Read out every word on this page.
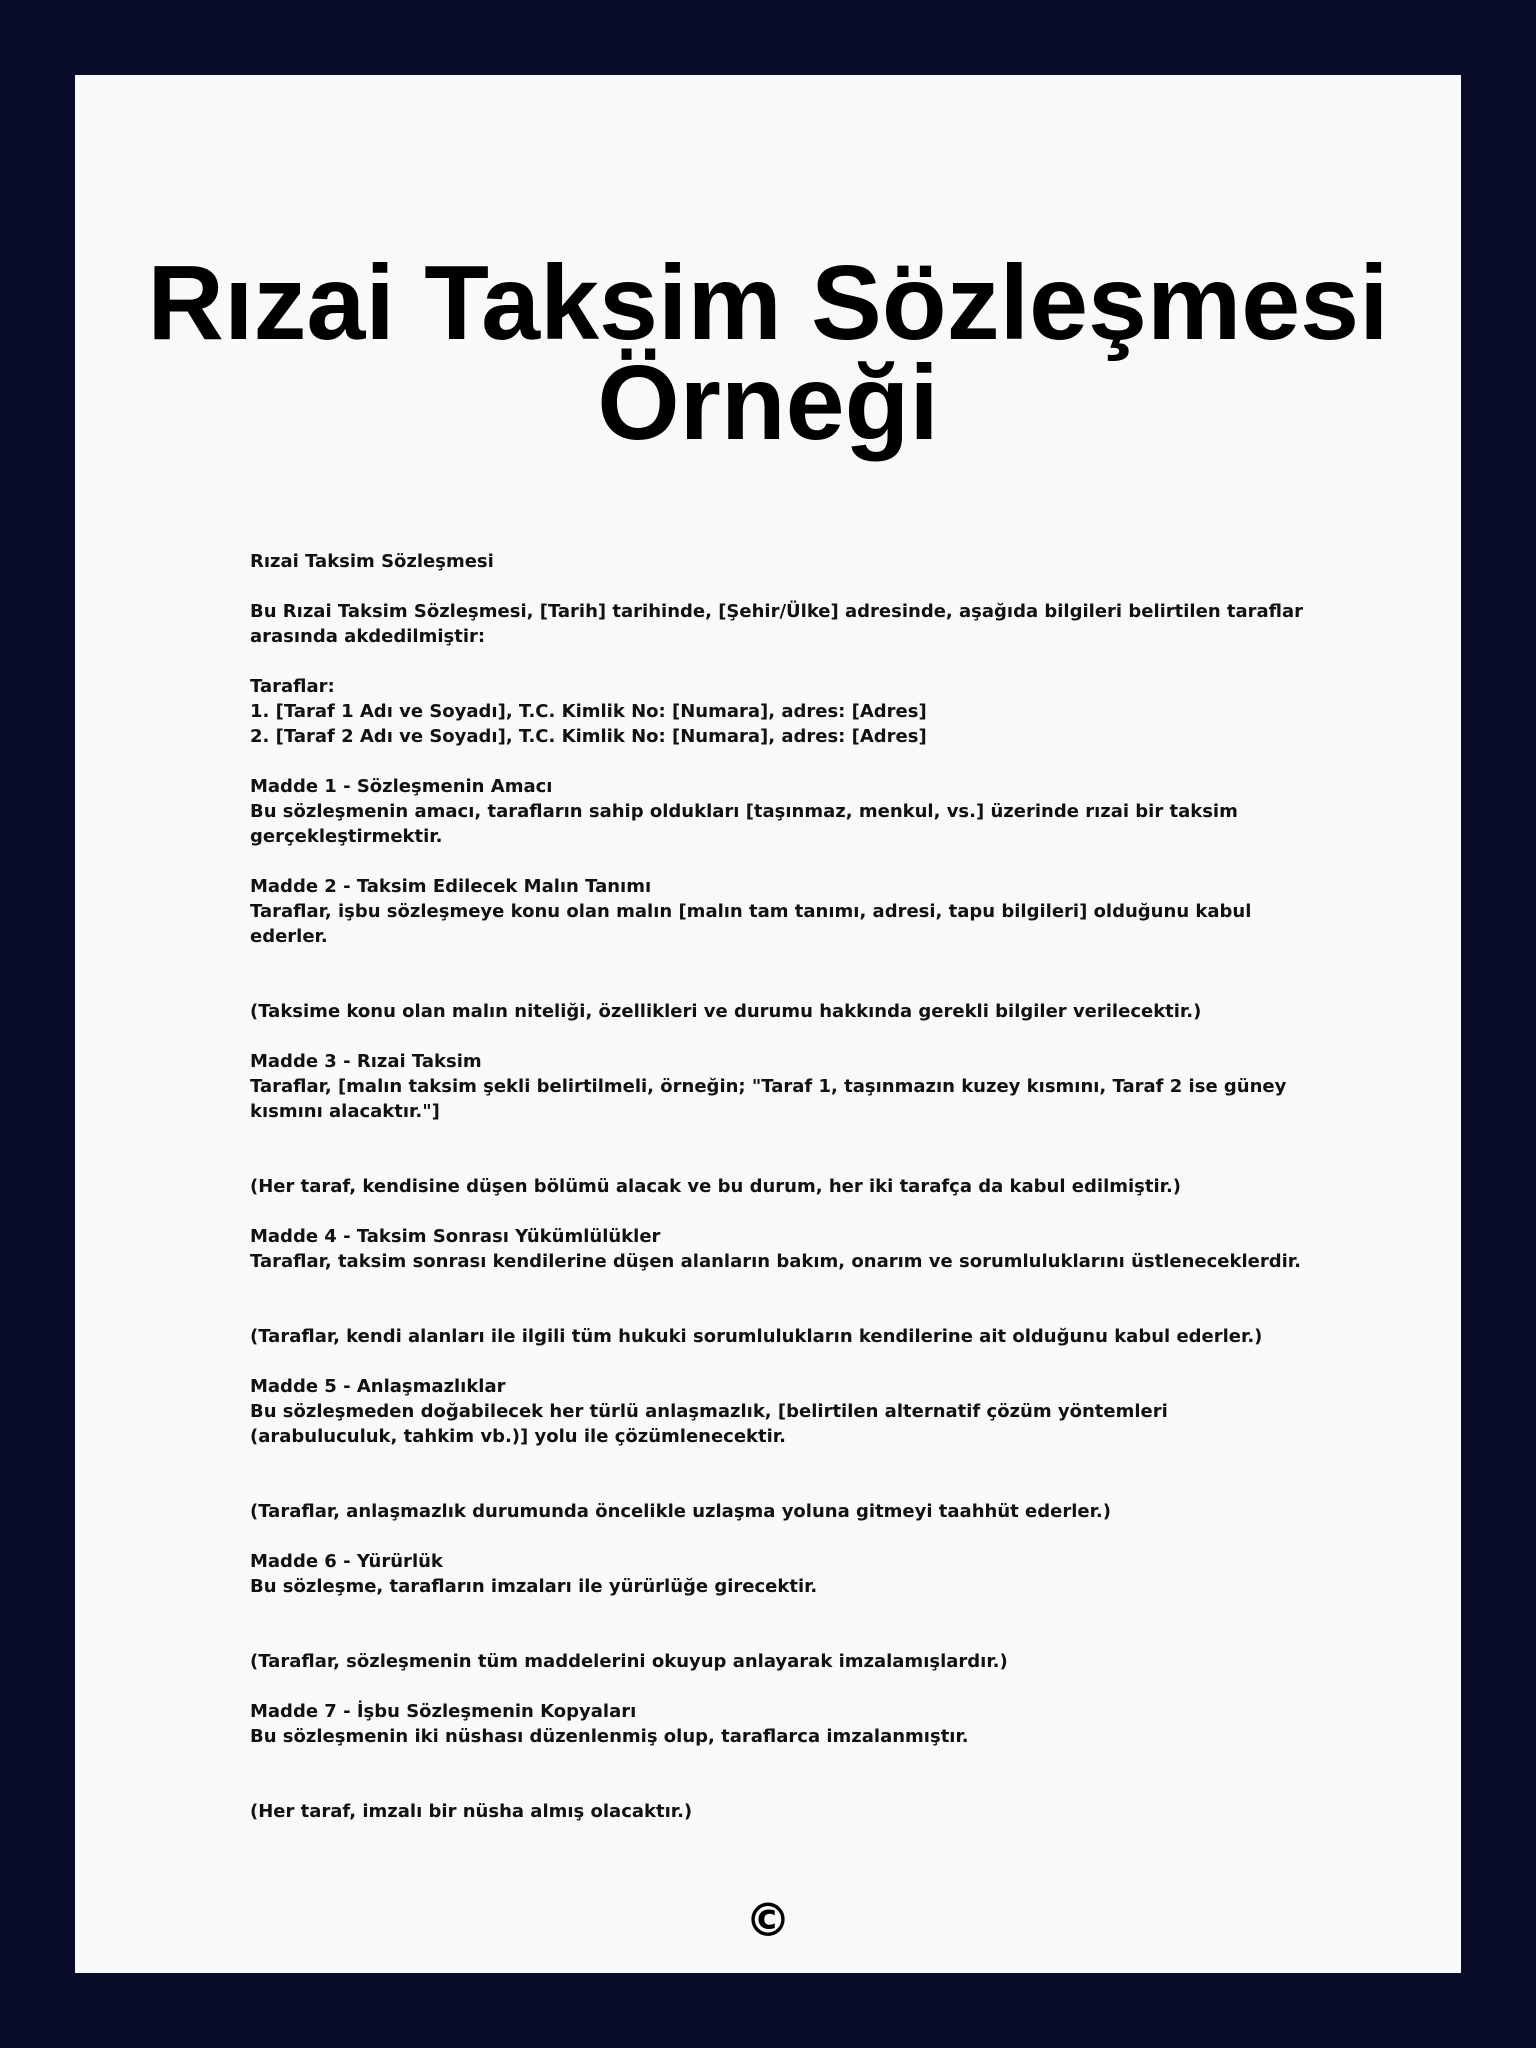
Rızai Taksim Sözleşmesi Örneği
Rızai Taksim Sözleşmesi
Bu Rızai Taksim Sözleşmesi, [Tarih] tarihinde, [Şehir/Ülke] adresinde, aşağıda bilgileri belirtilen taraflar arasında akdedilmiştir:
Taraflar:
1. [Taraf 1 Adı ve Soyadı], T.C. Kimlik No: [Numara], adres: [Adres]
2. [Taraf 2 Adı ve Soyadı], T.C. Kimlik No: [Numara], adres: [Adres]
Madde 1 - Sözleşmenin Amacı
Bu sözleşmenin amacı, tarafların sahip oldukları [taşınmaz, menkul, vs.] üzerinde rızai bir taksim gerçekleştirmektir.
Madde 2 - Taksim Edilecek Malın Tanımı
Taraflar, işbu sözleşmeye konu olan malın [malın tam tanımı, adresi, tapu bilgileri] olduğunu kabul ederler.
(Taksime konu olan malın niteliği, özellikleri ve durumu hakkında gerekli bilgiler verilecektir.)
Madde 3 - Rızai Taksim
Taraflar, [malın taksim şekli belirtilmeli, örneğin; "Taraf 1, taşınmazın kuzey kısmını, Taraf 2 ise güney kısmını alacaktır."]
(Her taraf, kendisine düşen bölümü alacak ve bu durum, her iki tarafça da kabul edilmiştir.)
Madde 4 - Taksim Sonrası Yükümlülükler
Taraflar, taksim sonrası kendilerine düşen alanların bakım, onarım ve sorumluluklarını üstleneceklerdir.
(Taraflar, kendi alanları ile ilgili tüm hukuki sorumlulukların kendilerine ait olduğunu kabul ederler.)
Madde 5 - Anlaşmazlıklar
Bu sözleşmeden doğabilecek her türlü anlaşmazlık, [belirtilen alternatif çözüm yöntemleri (arabuluculuk, tahkim vb.)] yolu ile çözümlenecektir.
(Taraflar, anlaşmazlık durumunda öncelikle uzlaşma yoluna gitmeyi taahhüt ederler.)
Madde 6 - Yürürlük
Bu sözleşme, tarafların imzaları ile yürürlüğe girecektir.
(Taraflar, sözleşmenin tüm maddelerini okuyup anlayarak imzalamışlardır.)
Madde 7 - İşbu Sözleşmenin Kopyaları
Bu sözleşmenin iki nüshası düzenlenmiş olup, taraflarca imzalanmıştır.
(Her taraf, imzalı bir nüsha almış olacaktır.)
©
